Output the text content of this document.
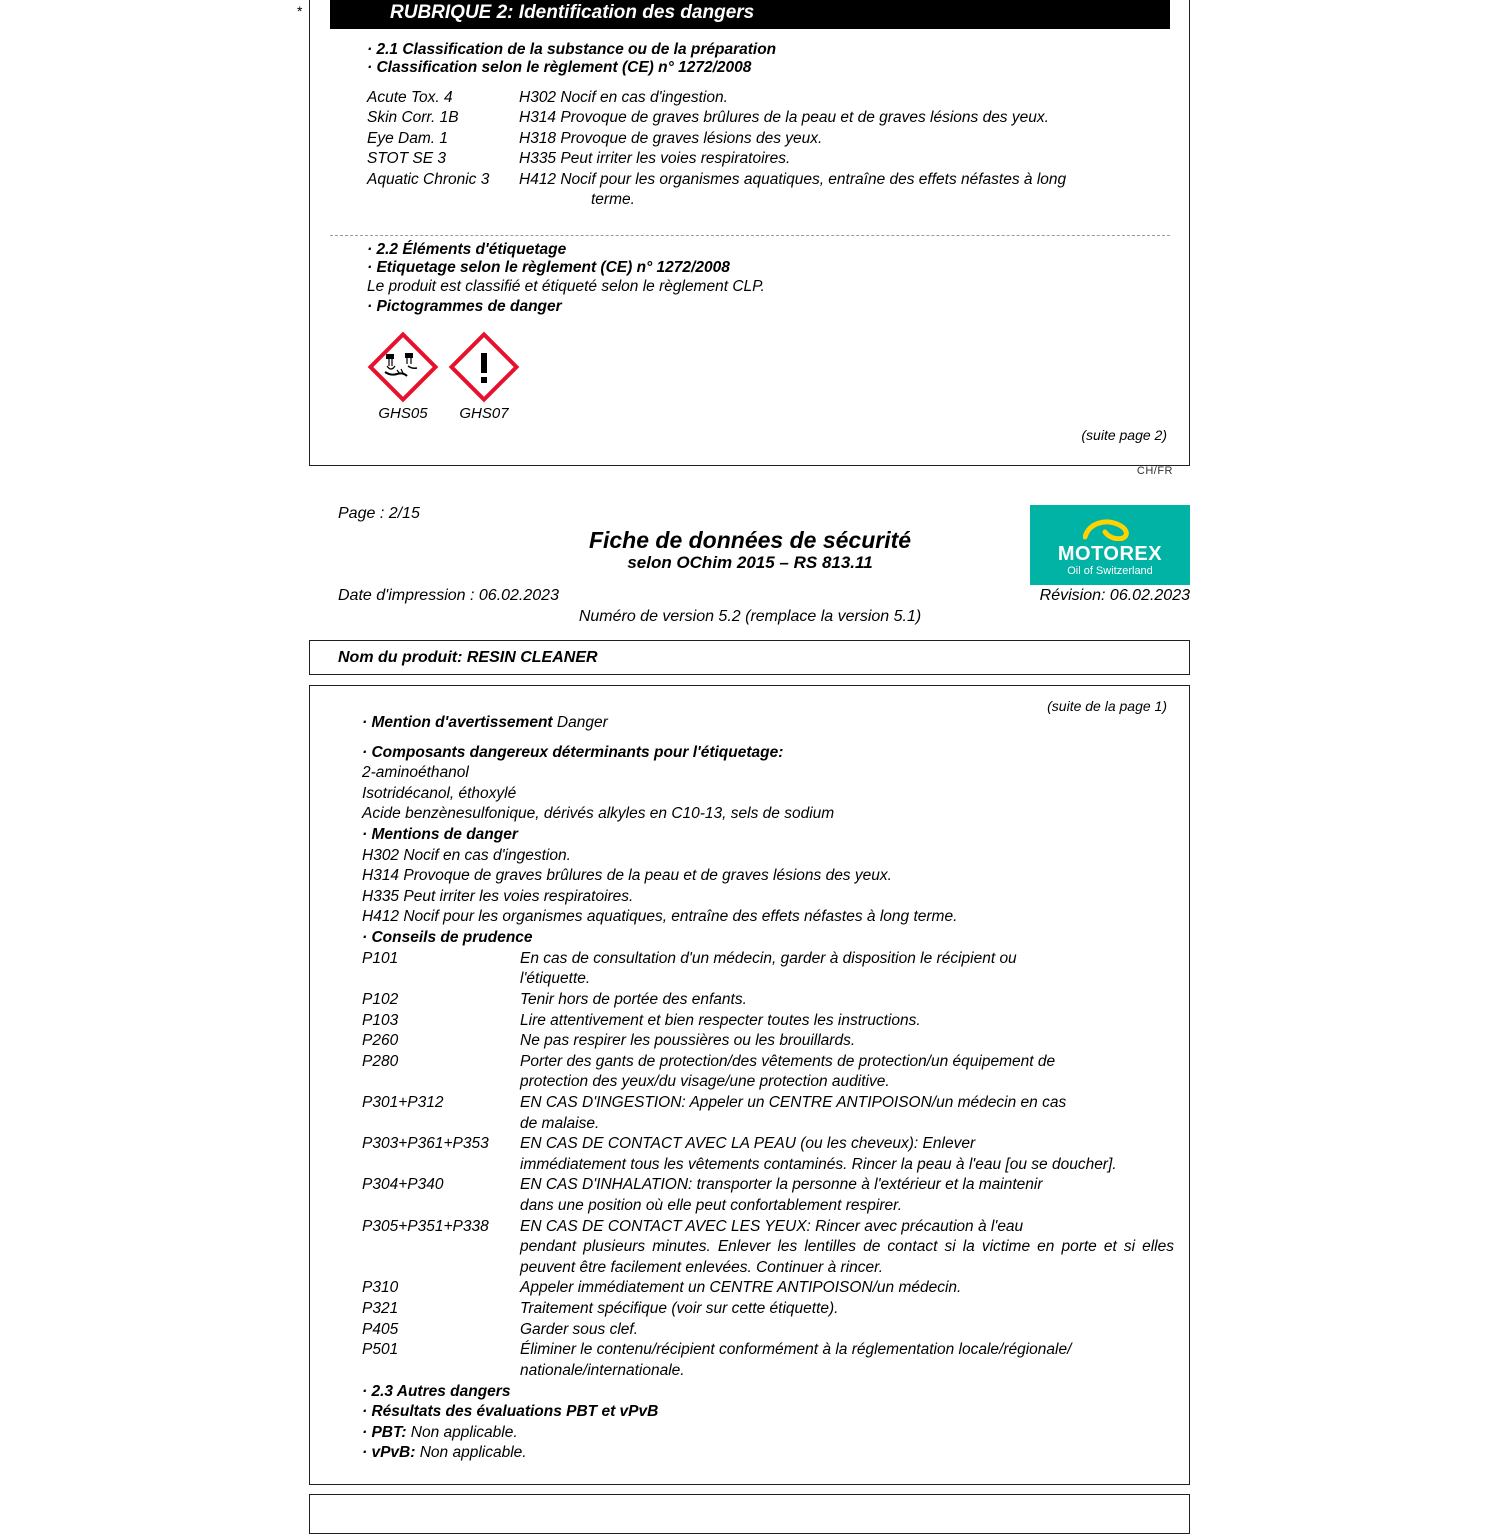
*	RUBRIQUE 2: Identification des dangers
· 2.1 Classification de la substance ou de la préparation
· Classification selon le règlement (CE) n° 1272/2008
Acute Tox. 4	H302 Nocif en cas d'ingestion.
Skin Corr. 1B	H314 Provoque de graves brûlures de la peau et de graves lésions des yeux.
Eye Dam. 1	H318 Provoque de graves lésions des yeux.
STOT SE 3	H335 Peut irriter les voies respiratoires.
Aquatic Chronic 3	H412 Nocif pour les organismes aquatiques, entraîne des effets néfastes à long
terme.
· 2.2 Éléments d'étiquetage
· Etiquetage selon le règlement (CE) n° 1272/2008
Le produit est classifié et étiqueté selon le règlement CLP.
· Pictogrammes de danger
GHS05	GHS07
(suite page 2)
CH/FR
Page : 2/15
Fiche de données de sécurité
selon OChim 2015 – RS 813.11
Date d'impression : 06.02.2023	Révision: 06.02.2023
Numéro de version 5.2 (remplace la version 5.1)
MOTOREX
Oil of Switzerland
Nom du produit: RESIN CLEANER
(suite de la page 1)
· Mention d'avertissement Danger
· Composants dangereux déterminants pour l'étiquetage:
2-aminoéthanol
Isotridécanol, éthoxylé
Acide benzènesulfonique, dérivés alkyles en C10-13, sels de sodium
· Mentions de danger
H302 Nocif en cas d'ingestion.
H314 Provoque de graves brûlures de la peau et de graves lésions des yeux.
H335 Peut irriter les voies respiratoires.
H412 Nocif pour les organismes aquatiques, entraîne des effets néfastes à long terme.
· Conseils de prudence
P101	En cas de consultation d'un médecin, garder à disposition le récipient ou
l'étiquette.
P102	Tenir hors de portée des enfants.
P103	Lire attentivement et bien respecter toutes les instructions.
P260	Ne pas respirer les poussières ou les brouillards.
P280	Porter des gants de protection/des vêtements de protection/un équipement de
protection des yeux/du visage/une protection auditive.
P301+P312	EN CAS D'INGESTION: Appeler un CENTRE ANTIPOISON/un médecin en cas
de malaise.
P303+P361+P353	EN CAS DE CONTACT AVEC LA PEAU (ou les cheveux): Enlever
immédiatement tous les vêtements contaminés. Rincer la peau à l'eau [ou se doucher].
P304+P340	EN CAS D'INHALATION: transporter la personne à l'extérieur et la maintenir
dans une position où elle peut confortablement respirer.
P305+P351+P338	EN CAS DE CONTACT AVEC LES YEUX: Rincer avec précaution à l'eau
pendant plusieurs minutes. Enlever les lentilles de contact si la victime en porte et si elles peuvent être facilement enlevées. Continuer à rincer.
P310	Appeler immédiatement un CENTRE ANTIPOISON/un médecin.
P321	Traitement spécifique (voir sur cette étiquette).
P405	Garder sous clef.
P501	Éliminer le contenu/récipient conformément à la réglementation locale/régionale/
nationale/internationale.
· 2.3 Autres dangers
· Résultats des évaluations PBT et vPvB
· PBT: Non applicable.
· vPvB: Non applicable.
